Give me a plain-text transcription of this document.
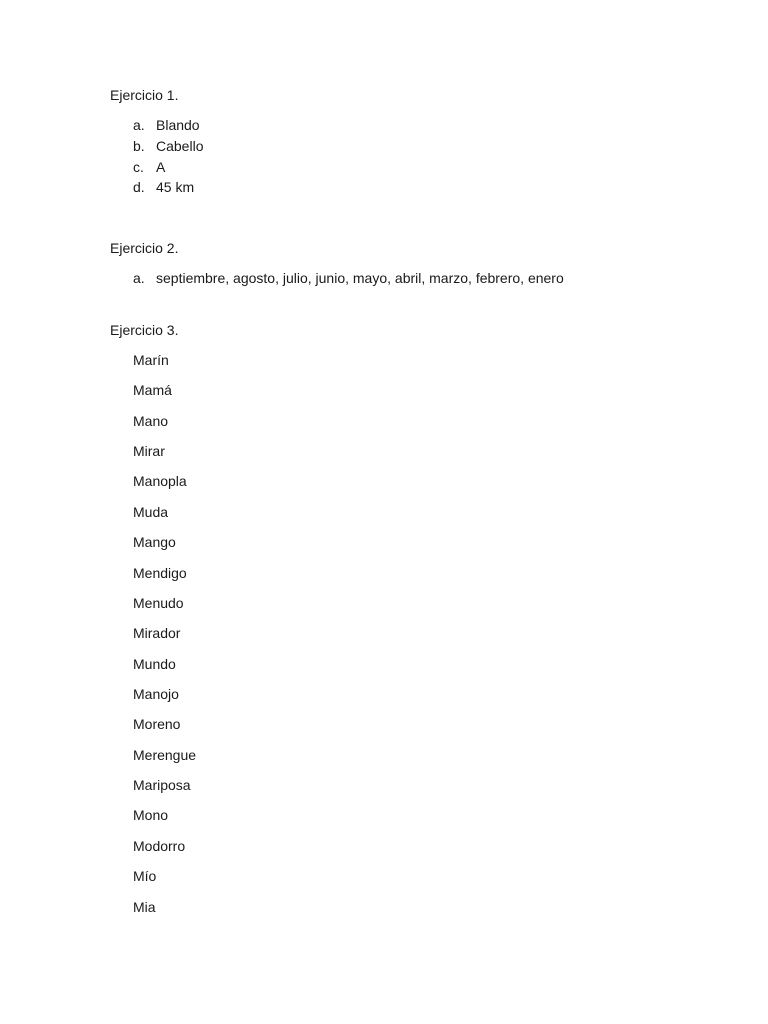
Ejercicio 1.
a. Blando
b. Cabello
c. A
d. 45 km
Ejercicio 2.
a. septiembre, agosto, julio, junio, mayo, abril, marzo, febrero, enero
Ejercicio 3.
Marín
Mamá
Mano
Mirar
Manopla
Muda
Mango
Mendigo
Menudo
Mirador
Mundo
Manojo
Moreno
Merengue
Mariposa
Mono
Modorro
Mío
Mia
